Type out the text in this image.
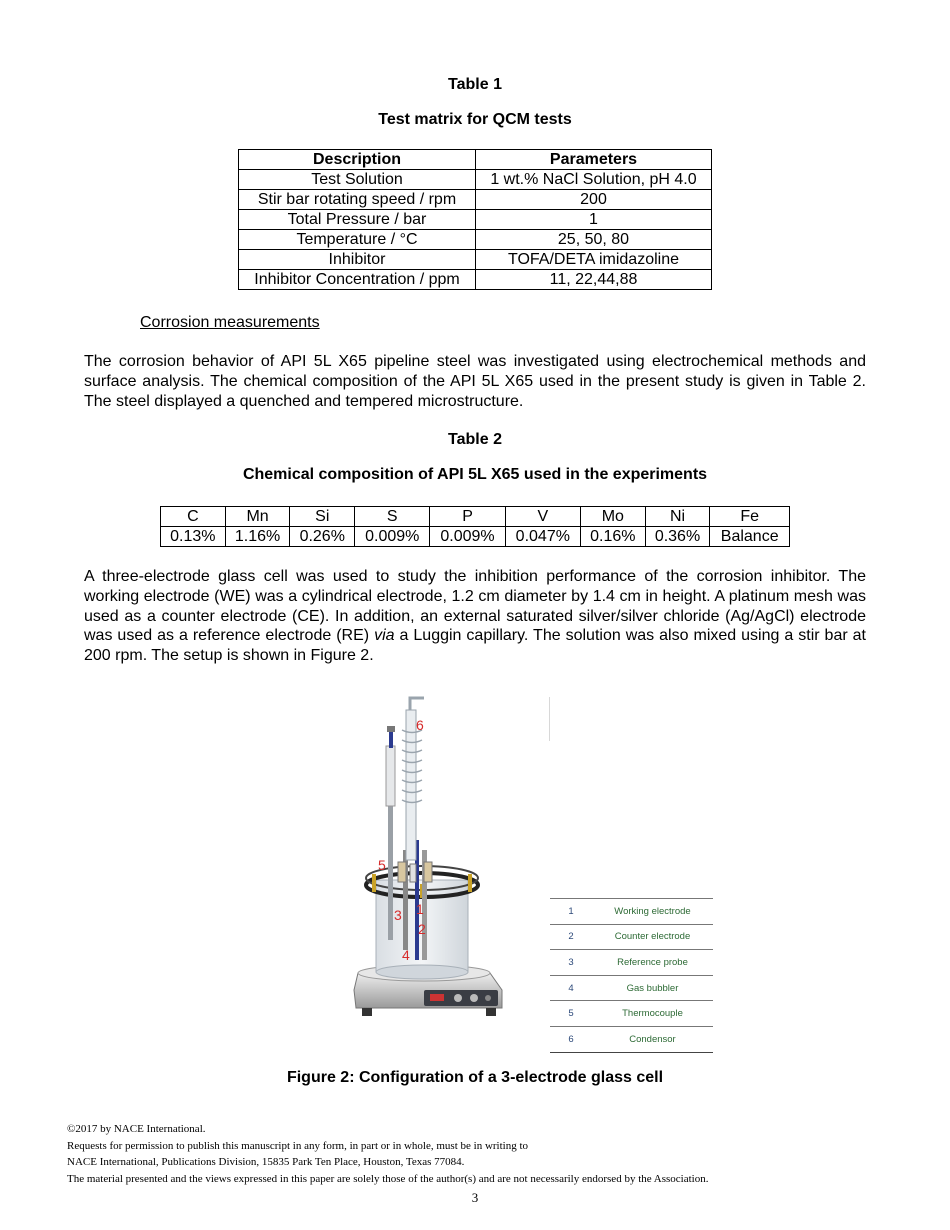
Table 1
Test matrix for QCM tests
Description	Parameters
Test Solution	1 wt.% NaCl Solution, pH 4.0
Stir bar rotating speed / rpm	200
Total Pressure / bar	1
Temperature / °C	25, 50, 80
Inhibitor	TOFA/DETA imidazoline
Inhibitor Concentration / ppm	11, 22,44,88
Corrosion measurements
The corrosion behavior of API 5L X65 pipeline steel was investigated using electrochemical methods and surface analysis. The chemical composition of the API 5L X65 used in the present study is given in Table 2. The steel displayed a quenched and tempered microstructure.
Table 2
Chemical composition of API 5L X65 used in the experiments
C	Mn	Si	S	P	V	Mo	Ni	Fe
0.13%	1.16%	0.26%	0.009%	0.009%	0.047%	0.16%	0.36%	Balance
A three-electrode glass cell was used to study the inhibition performance of the corrosion inhibitor. The working electrode (WE) was a cylindrical electrode, 1.2 cm diameter by 1.4 cm in height. A platinum mesh was used as a counter electrode (CE). In addition, an external saturated silver/silver chloride (Ag/AgCl) electrode was used as a reference electrode (RE) via a Luggin capillary. The solution was also mixed using a stir bar at 200 rpm. The setup is shown in Figure 2.
1
2
3
4
5
6
1	Working electrode
2	Counter electrode
3	Reference probe
4	Gas bubbler
5	Thermocouple
6	Condensor
Figure 2: Configuration of a 3-electrode glass cell
©2017 by NACE International.
Requests for permission to publish this manuscript in any form, in part or in whole, must be in writing to
NACE International, Publications Division, 15835 Park Ten Place, Houston, Texas 77084.
The material presented and the views expressed in this paper are solely those of the author(s) and are not necessarily endorsed by the Association.
3
